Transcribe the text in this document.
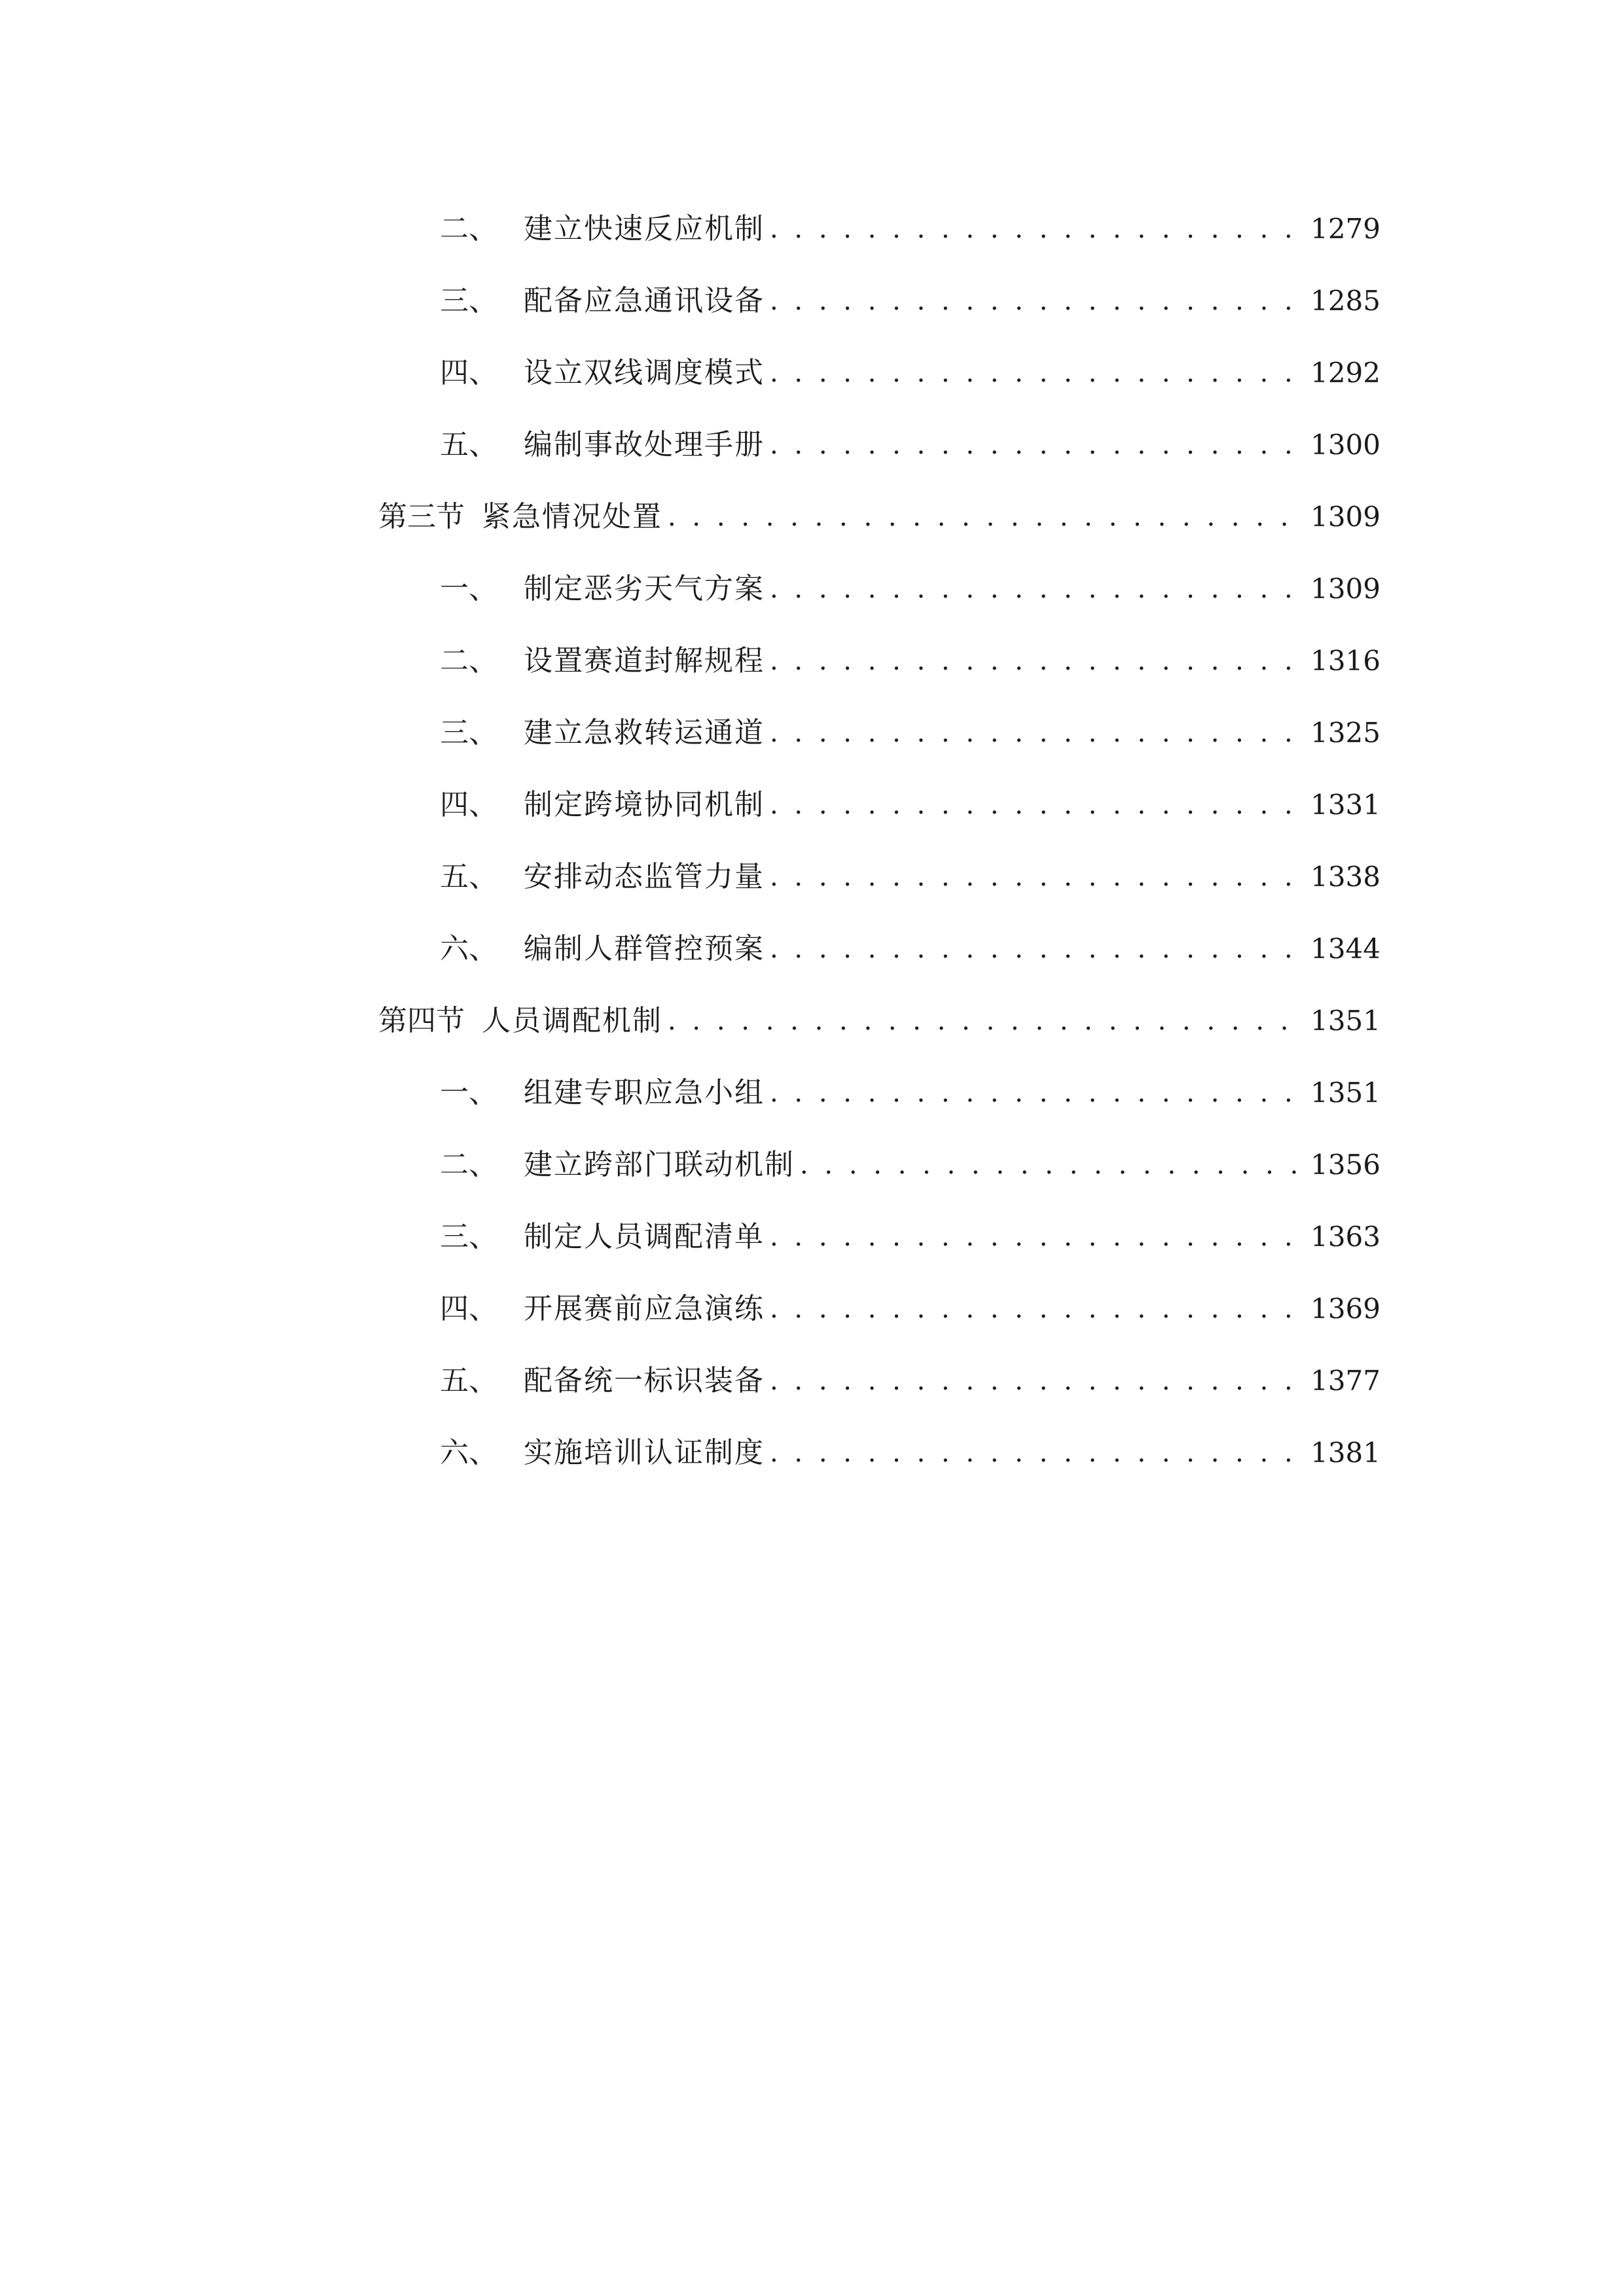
二、 建立快速反应机制 . . .	1279
三、 配备应急通讯设备 . . .	1285
四、 设立双线调度模式 . . .	1292
五、 编制事故处理手册 . . .	1300
第三节 紧急情况处置 . . .	1309
一、 制定恶劣天气方案 . . .	1309
二、 设置赛道封解规程 . . .	1316
三、 建立急救转运通道 . . .	1325
四、 制定跨境协同机制 . . .	1331
五、 安排动态监管力量 . . .	1338
六、 编制人群管控预案 . . .	1344
第四节 人员调配机制 . . .	1351
一、 组建专职应急小组 . . .	1351
二、 建立跨部门联动机制 . . .	1356
三、 制定人员调配清单 . . .	1363
四、 开展赛前应急演练 . . .	1369
五、 配备统一标识装备 . . .	1377
六、 实施培训认证制度 . . .	1381
